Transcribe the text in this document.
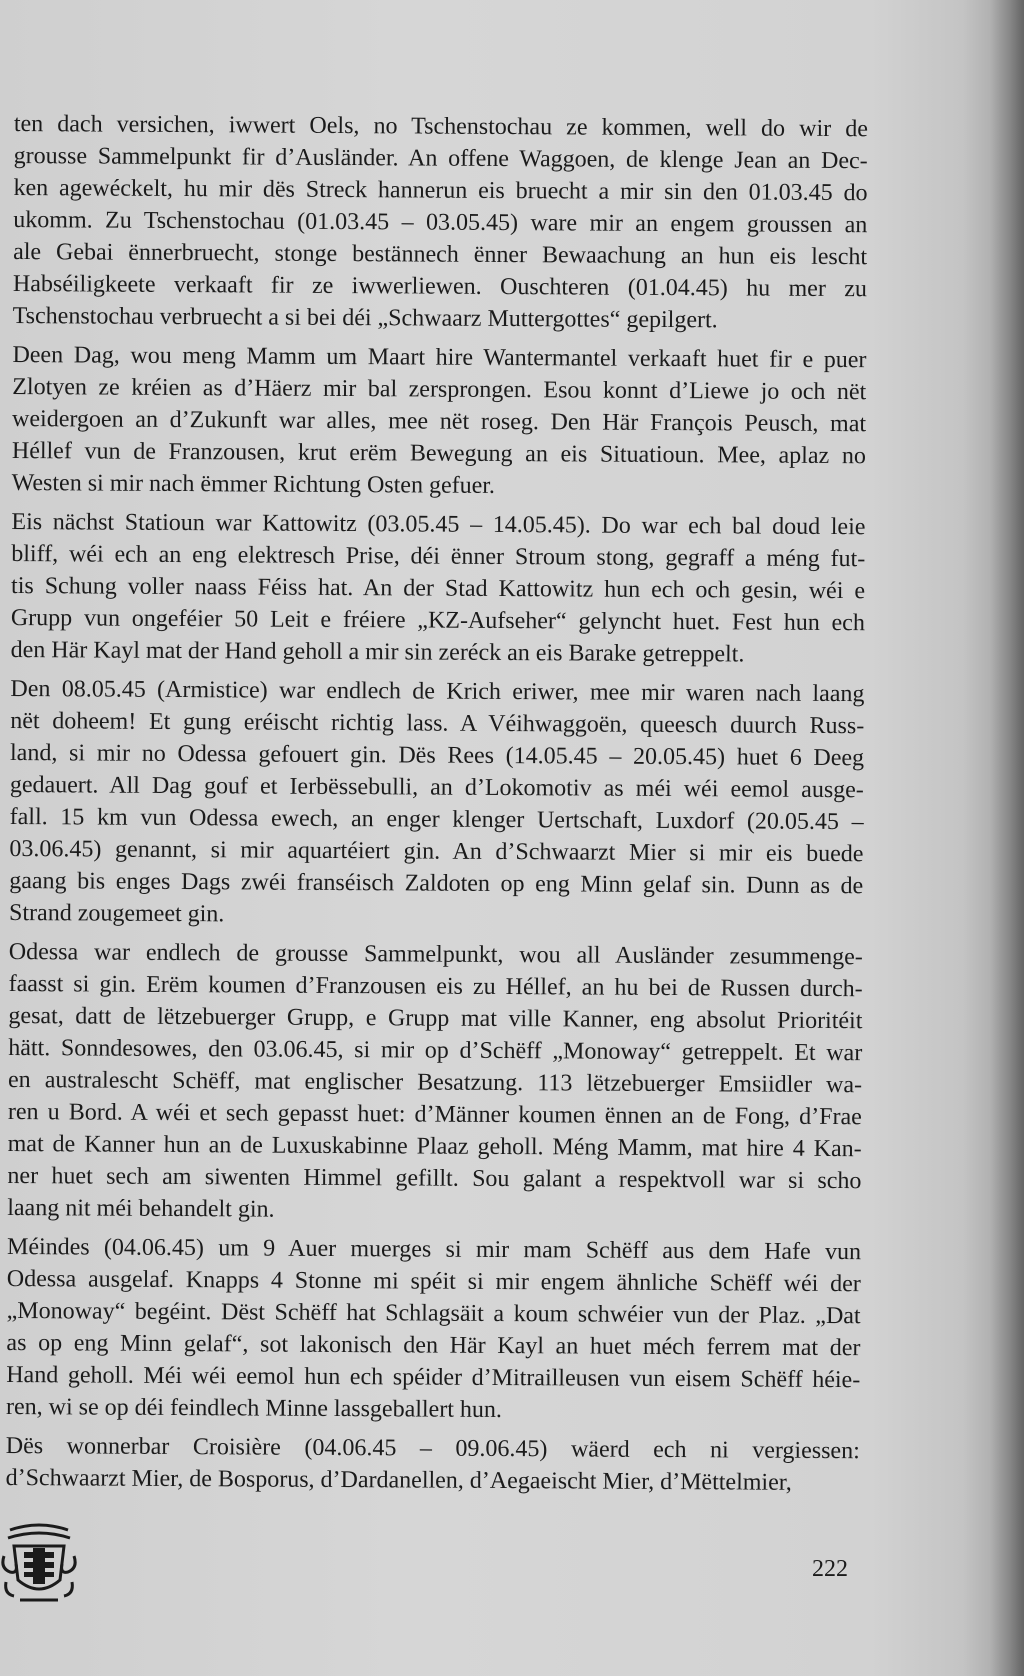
ten dach versichen, iwwert Oels, no Tschenstochau ze kommen, well do wir de
grousse Sammelpunkt fir d’Ausländer. An offene Waggoen, de klenge Jean an Dec-
ken agewéckelt, hu mir dës Streck hannerun eis bruecht a mir sin den 01.03.45 do
ukomm. Zu Tschenstochau (01.03.45 – 03.05.45) ware mir an engem groussen an
ale Gebai ënnerbruecht, stonge bestännech ënner Bewaachung an hun eis lescht
Habséiligkeete verkaaft fir ze iwwerliewen. Ouschteren (01.04.45) hu mer zu
Tschenstochau verbruecht a si bei déi „Schwaarz Muttergottes“ gepilgert.
Deen Dag, wou meng Mamm um Maart hire Wantermantel verkaaft huet fir e puer
Zlotyen ze kréien as d’Häerz mir bal zersprongen. Esou konnt d’Liewe jo och nët
weidergoen an d’Zukunft war alles, mee nët roseg. Den Här François Peusch, mat
Héllef vun de Franzousen, krut erëm Bewegung an eis Situatioun. Mee, aplaz no
Westen si mir nach ëmmer Richtung Osten gefuer.
Eis nächst Statioun war Kattowitz (03.05.45 – 14.05.45). Do war ech bal doud leie
bliff, wéi ech an eng elektresch Prise, déi ënner Stroum stong, gegraff a méng fut-
tis Schung voller naass Féiss hat. An der Stad Kattowitz hun ech och gesin, wéi e
Grupp vun ongeféier 50 Leit e fréiere „KZ-Aufseher“ gelyncht huet. Fest hun ech
den Här Kayl mat der Hand geholl a mir sin zeréck an eis Barake getreppelt.
Den 08.05.45 (Armistice) war endlech de Krich eriwer, mee mir waren nach laang
nët doheem! Et gung eréischt richtig lass. A Véihwaggoën, queesch duurch Russ-
land, si mir no Odessa gefouert gin. Dës Rees (14.05.45 – 20.05.45) huet 6 Deeg
gedauert. All Dag gouf et Ierbëssebulli, an d’Lokomotiv as méi wéi eemol ausge-
fall. 15 km vun Odessa ewech, an enger klenger Uertschaft, Luxdorf (20.05.45 –
03.06.45) genannt, si mir aquartéiert gin. An d’Schwaarzt Mier si mir eis buede
gaang bis enges Dags zwéi franséisch Zaldoten op eng Minn gelaf sin. Dunn as de
Strand zougemeet gin.
Odessa war endlech de grousse Sammelpunkt, wou all Ausländer zesummenge-
faasst si gin. Erëm koumen d’Franzousen eis zu Héllef, an hu bei de Russen durch-
gesat, datt de lëtzebuerger Grupp, e Grupp mat ville Kanner, eng absolut Prioritéit
hätt. Sonndesowes, den 03.06.45, si mir op d’Schëff „Monoway“ getreppelt. Et war
en australescht Schëff, mat englischer Besatzung. 113 lëtzebuerger Emsiidler wa-
ren u Bord. A wéi et sech gepasst huet: d’Männer koumen ënnen an de Fong, d’Frae
mat de Kanner hun an de Luxuskabinne Plaaz geholl. Méng Mamm, mat hire 4 Kan-
ner huet sech am siwenten Himmel gefillt. Sou galant a respektvoll war si scho
laang nit méi behandelt gin.
Méindes (04.06.45) um 9 Auer muerges si mir mam Schëff aus dem Hafe vun
Odessa ausgelaf. Knapps 4 Stonne mi spéit si mir engem ähnliche Schëff wéi der
„Monoway“ begéint. Dëst Schëff hat Schlagsäit a koum schwéier vun der Plaz. „Dat
as op eng Minn gelaf“, sot lakonisch den Här Kayl an huet méch ferrem mat der
Hand geholl. Méi wéi eemol hun ech spéider d’Mitrailleusen vun eisem Schëff héie-
ren, wi se op déi feindlech Minne lassgeballert hun.
Dës wonnerbar Croisière (04.06.45 – 09.06.45) wäerd ech ni vergiessen:
d’Schwaarzt Mier, de Bosporus, d’Dardanellen, d’Aegaeischt Mier, d’Mëttelmier,
222
